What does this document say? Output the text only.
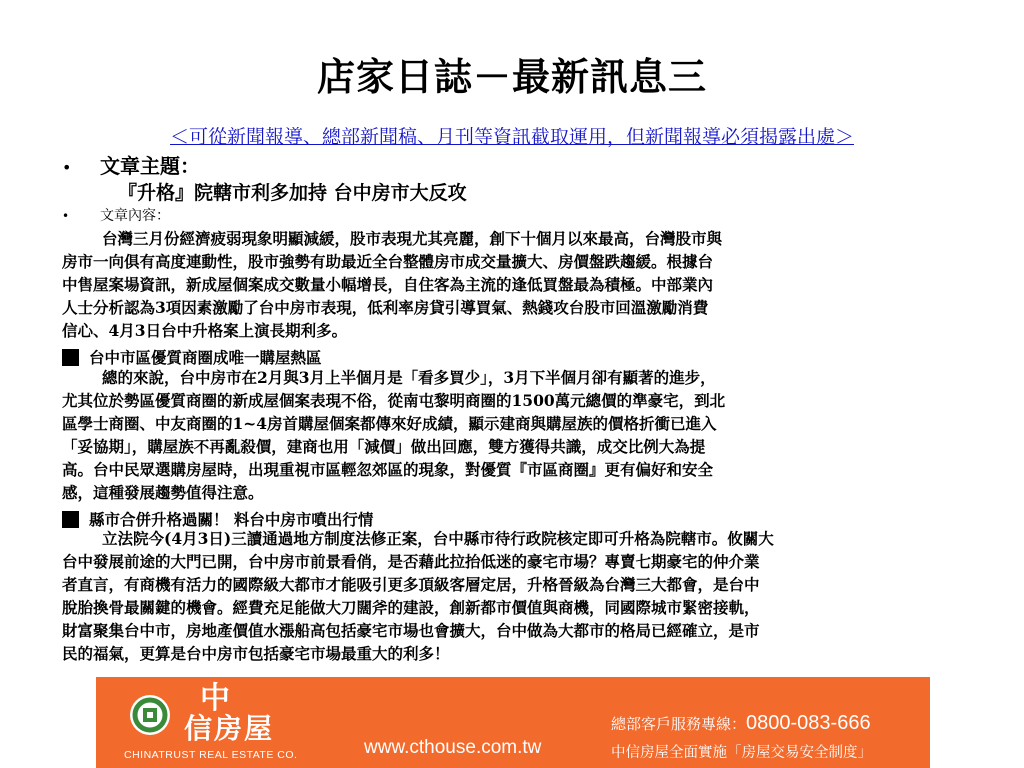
店家日誌－最新訊息三
＜可從新聞報導、總部新聞稿、月刊等資訊截取運用，但新聞報導必須揭露出處＞
•	文章主題：
『升格』院轄市利多加持 台中房市大反攻
•	文章內容：
台灣三月份經濟疲弱現象明顯減緩，股市表現尤其亮麗，創下十個月以來最高，台灣股市與
房市一向俱有高度連動性，股市強勢有助最近全台整體房市成交量擴大、房價盤跌趨緩。根據台
中售屋案場資訊，新成屋個案成交數量小幅增長，自住客為主流的逢低買盤最為積極。中部業內
人士分析認為3項因素激勵了台中房市表現，低利率房貸引導買氣、熱錢攻台股市回溫激勵消費
信心、4月3日台中升格案上演長期利多。
台中市區優質商圈成唯一購屋熱區
總的來說，台中房市在2月與3月上半個月是「看多買少」，3月下半個月卻有顯著的進步，
尤其位於勢區優質商圈的新成屋個案表現不俗，從南屯黎明商圈的1500萬元總價的準豪宅，到北
區學士商圈、中友商圈的1~4房首購屋個案都傳來好成績，顯示建商與購屋族的價格折衝已進入
「妥協期」，購屋族不再亂殺價，建商也用「減價」做出回應，雙方獲得共識，成交比例大為提
高。台中民眾選購房屋時，出現重視市區輕忽郊區的現象，對優質『市區商圈』更有偏好和安全
感，這種發展趨勢值得注意。
縣市合併升格過關！ 料台中房市噴出行情
立法院今(4月3日)三讀通過地方制度法修正案，台中縣市待行政院核定即可升格為院轄市。攸關大
台中發展前途的大門已開，台中房市前景看俏，是否藉此拉抬低迷的豪宅市場？專賣七期豪宅的仲介業
者直言，有商機有活力的國際級大都市才能吸引更多頂級客層定居，升格晉級為台灣三大都會，是台中
脫胎換骨最關鍵的機會。經費充足能做大刀闊斧的建設，創新都市價值與商機，同國際城市緊密接軌，
財富聚集台中市，房地產價值水漲船高包括豪宅市場也會擴大，台中做為大都市的格局已經確立，是市
民的福氣，更算是台中房市包括豪宅市場最重大的利多！
中
信房屋
CHINATRUST REAL ESTATE CO.	www.cthouse.com.tw
總部客戶服務專線：0800-083-666
中信房屋全面實施「房屋交易安全制度」
